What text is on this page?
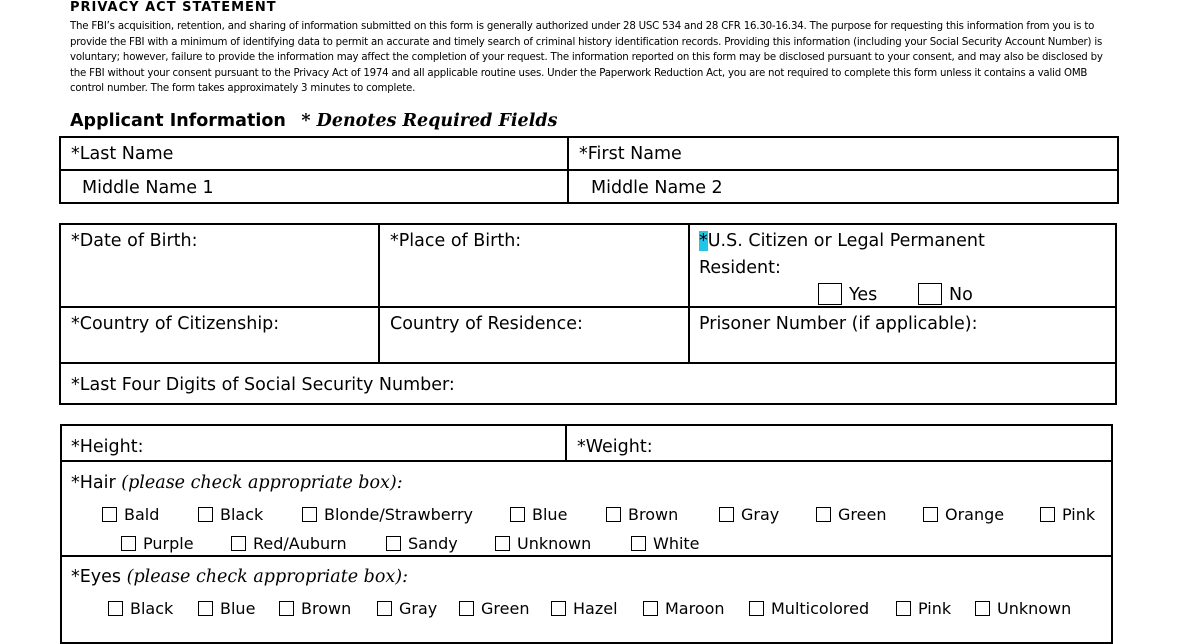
PRIVACY ACT STATEMENT
The FBI’s acquisition, retention, and sharing of information submitted on this form is generally authorized under 28 USC 534 and 28 CFR 16.30-16.34. The purpose for requesting this information from you is to provide the FBI with a minimum of identifying data to permit an accurate and timely search of criminal history identification records. Providing this information (including your Social Security Account Number) is voluntary; however, failure to provide the information may affect the completion of your request. The information reported on this form may be disclosed pursuant to your consent, and may also be disclosed by the FBI without your consent pursuant to the Privacy Act of 1974 and all applicable routine uses. Under the Paperwork Reduction Act, you are not required to complete this form unless it contains a valid OMB control number. The form takes approximately 3 minutes to complete.
Applicant Information * Denotes Required Fields
*Last Name	*First Name
Middle Name 1	Middle Name 2
*Date of Birth:	*Place of Birth:	*U.S. Citizen or Legal Permanent
Resident:
Yes	No
*Country of Citizenship:	Country of Residence:	Prisoner Number (if applicable):
*Last Four Digits of Social Security Number:
*Height:	*Weight:
*Hair (please check appropriate box):
Bald	Black	Blonde/Strawberry	Blue	Brown	Gray	Green	Orange	Pink
Purple	Red/Auburn	Sandy	Unknown	White
*Eyes (please check appropriate box):
Black	Blue	Brown	Gray	Green	Hazel	Maroon	Multicolored	Pink	Unknown
